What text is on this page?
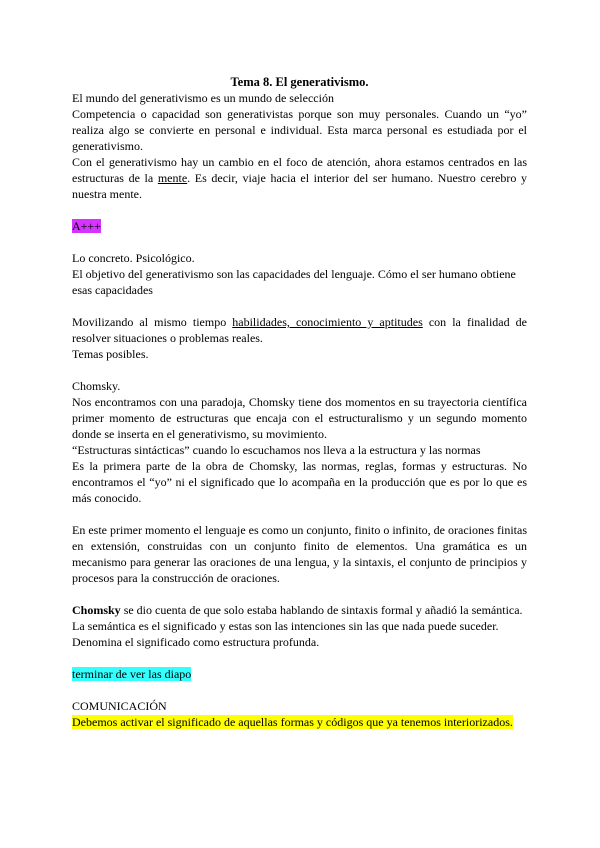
Tema 8. El generativismo.

El mundo del generativismo es un mundo de selección

Competencia o capacidad son generativistas porque son muy personales. Cuando un “yo” realiza algo se convierte en personal e individual. Esta marca personal es estudiada por el generativismo.

Con el generativismo hay un cambio en el foco de atención, ahora estamos centrados en las estructuras de la mente. Es decir, viaje hacia el interior del ser humano. Nuestro cerebro y nuestra mente.

A+++

Lo concreto. Psicológico.

El objetivo del generativismo son las capacidades del lenguaje. Cómo el ser humano obtiene esas capacidades

Movilizando al mismo tiempo habilidades, conocimiento y aptitudes con la finalidad de resolver situaciones o problemas reales.

Temas posibles.

Chomsky.

Nos encontramos con una paradoja, Chomsky tiene dos momentos en su trayectoria científica primer momento de estructuras que encaja con el estructuralismo y un segundo momento donde se inserta en el generativismo, su movimiento.

“Estructuras sintácticas” cuando lo escuchamos nos lleva a la estructura y las normas

Es la primera parte de la obra de Chomsky, las normas, reglas, formas y estructuras. No encontramos el “yo” ni el significado que lo acompaña en la producción que es por lo que es más conocido.

En este primer momento el lenguaje es como un conjunto, finito o infinito, de oraciones finitas en extensión, construidas con un conjunto finito de elementos. Una gramática es un mecanismo para generar las oraciones de una lengua, y la sintaxis, el conjunto de principios y procesos para la construcción de oraciones.

Chomsky se dio cuenta de que solo estaba hablando de sintaxis formal y añadió la semántica.

La semántica es el significado y estas son las intenciones sin las que nada puede suceder.

Denomina el significado como estructura profunda.

terminar de ver las diapo

COMUNICACIÓN

Debemos activar el significado de aquellas formas y códigos que ya tenemos interiorizados.
